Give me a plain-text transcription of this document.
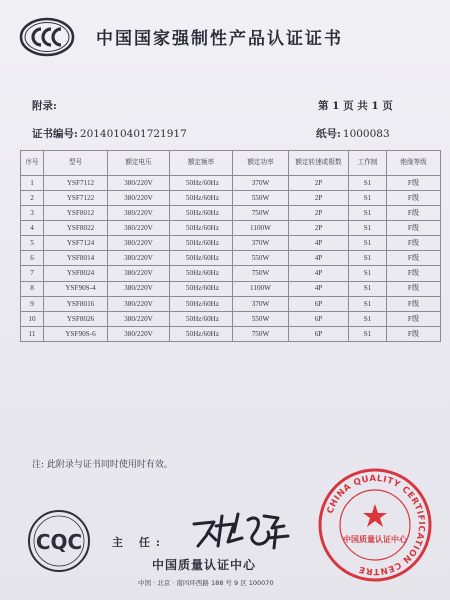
中国国家强制性产品认证证书
附录:	第 1 页 共 1 页
证书编号: 2014010401721917	纸号: 1000083
序号	型号	额定电压	额定频率	额定功率	额定转速或极数	工作制	绝缘等级
1	YSF7112	380/220V	50Hz/60Hz	370W	2P	S1	F级
2	YSF7122	380/220V	50Hz/60Hz	550W	2P	S1	F级
3	YSF8012	380/220V	50Hz/60Hz	750W	2P	S1	F级
4	YSF8022	380/220V	50Hz/60Hz	1100W	2P	S1	F级
5	YSF7124	380/220V	50Hz/60Hz	370W	4P	S1	F级
6	YSF8014	380/220V	50Hz/60Hz	550W	4P	S1	F级
7	YSF8024	380/220V	50Hz/60Hz	750W	4P	S1	F级
8	YSF90S-4	380/220V	50Hz/60Hz	1100W	4P	S1	F级
9	YSF8016	380/220V	50Hz/60Hz	370W	6P	S1	F级
10	YSF8026	380/220V	50Hz/60Hz	550W	6P	S1	F级
11	YSF90S-6	380/220V	50Hz/60Hz	750W	6P	S1	F级
注: 此附录与证书同时使用时有效。
CQC	主 任:
中国质量认证中心
中国 · 北京 · 南四环西路 188 号 9 区 100070
CHINA QUALITY CERTIFICATION CENTRE
中国质量认证中心
